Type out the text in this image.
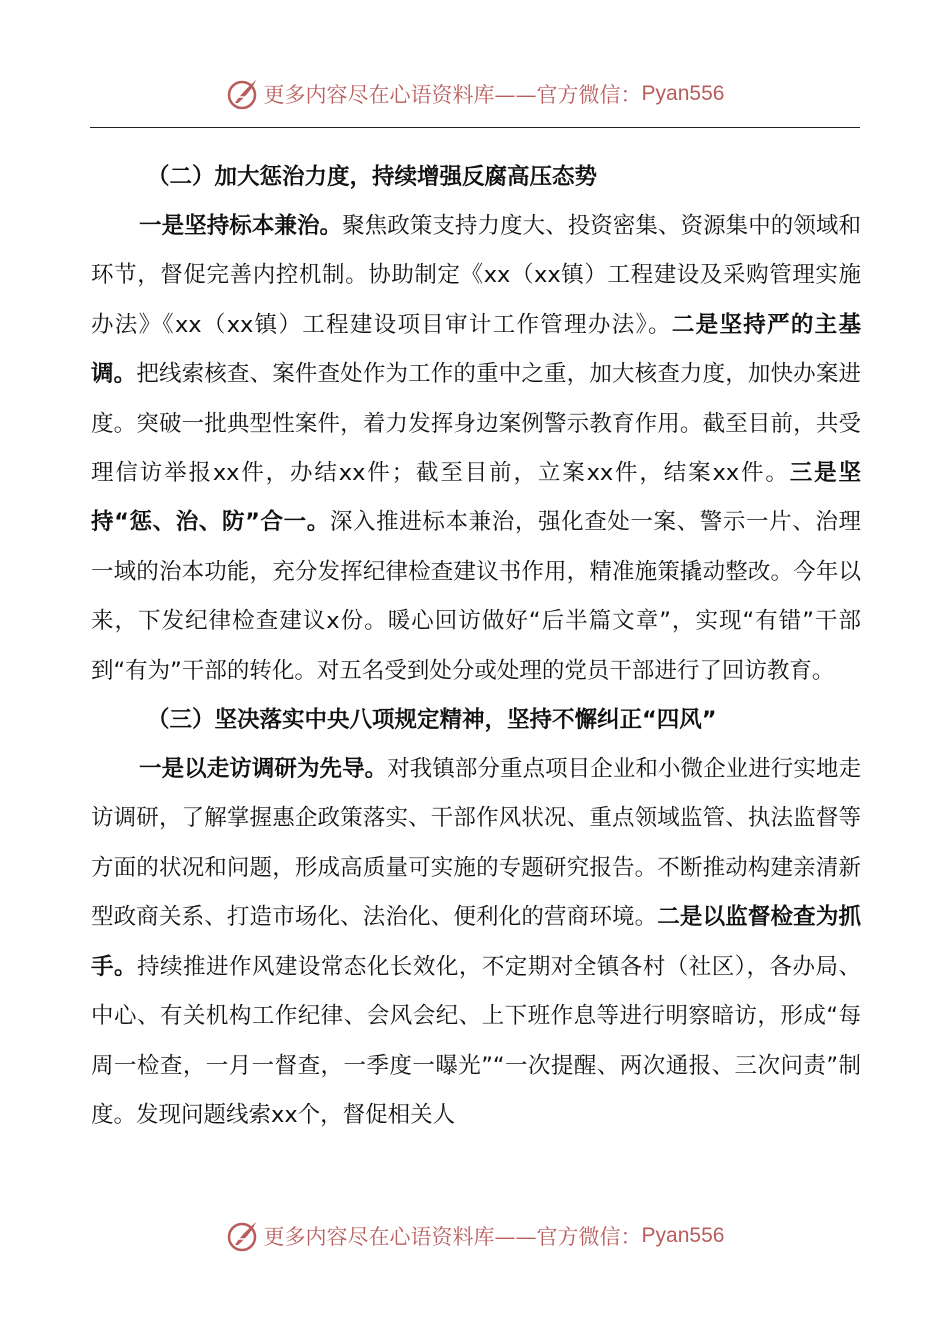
更多内容尽在心语资料库——官方微信： Pyan556
（二）加大惩治力度，持续增强反腐高压态势

一是坚持标本兼治。聚焦政策支持力度大、投资密集、资源集中的领域和环节，督促完善内控机制。协助制定《xx（xx镇）工程建设及采购管理实施办法》《xx（xx镇）工程建设项目审计工作管理办法》。二是坚持严的主基调。把线索核查、案件查处作为工作的重中之重，加大核查力度，加快办案进度。突破一批典型性案件，着力发挥身边案例警示教育作用。截至目前，共受理信访举报xx件，办结xx件；截至目前，立案xx件，结案xx件。三是坚持“惩、治、防”合一。深入推进标本兼治，强化查处一案、警示一片、治理一域的治本功能，充分发挥纪律检查建议书作用，精准施策撬动整改。今年以来，下发纪律检查建议x份。暖心回访做好“后半篇文章”，实现“有错”干部到“有为”干部的转化。对五名受到处分或处理的党员干部进行了回访教育。

（三）坚决落实中央八项规定精神，坚持不懈纠正“四风”

一是以走访调研为先导。对我镇部分重点项目企业和小微企业进行实地走访调研，了解掌握惠企政策落实、干部作风状况、重点领域监管、执法监督等方面的状况和问题，形成高质量可实施的专题研究报告。不断推动构建亲清新型政商关系、打造市场化、法治化、便利化的营商环境。二是以监督检查为抓手。持续推进作风建设常态化长效化，不定期对全镇各村（社区），各办局、中心、有关机构工作纪律、会风会纪、上下班作息等进行明察暗访，形成“每周一检查，一月一督查，一季度一曝光”“一次提醒、两次通报、三次问责”制度。发现问题线索xx个，督促相关人

更多内容尽在心语资料库——官方微信： Pyan556
